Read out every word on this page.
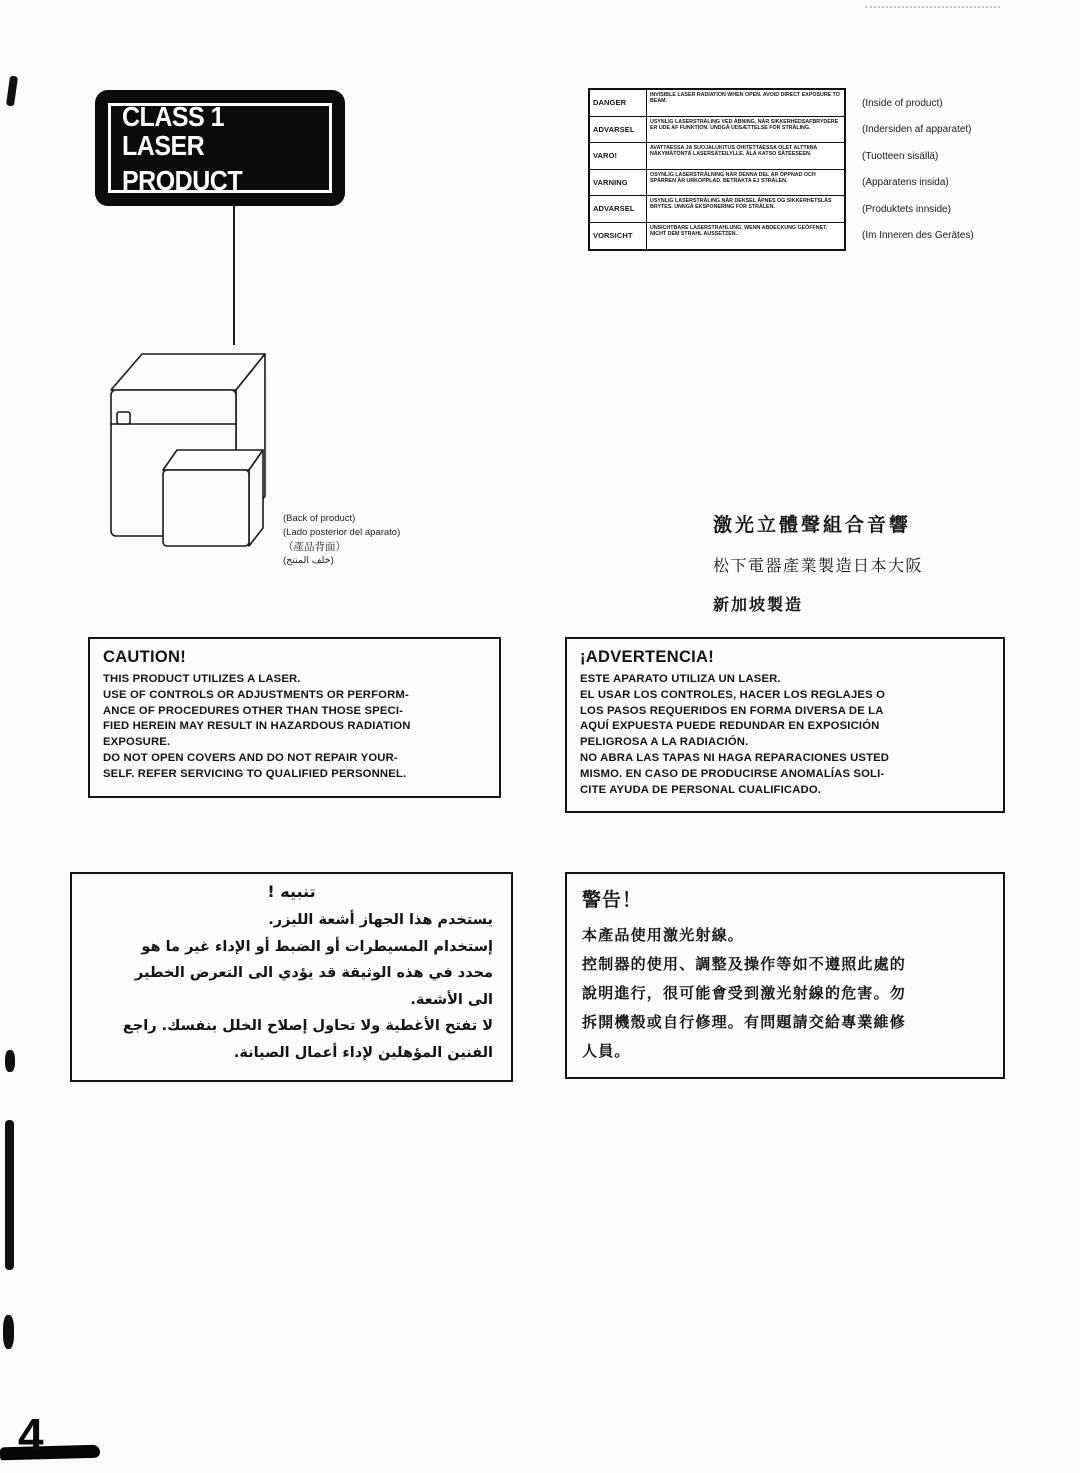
CLASS 1
LASER PRODUCT
(Back of product)
(Lado posterior del aparato)
（產品背面）
(خلف المنتج)
DANGER
INVISIBLE LASER RADIATION WHEN OPEN. AVOID DIRECT EXPOSURE TO BEAM.
ADVARSEL
USYNLIG LASERSTRÅLING VED ÅBNING, NÅR SIKKERHEDSAFBRYDERE ER UDE AF FUNKTION. UNDGÅ UDSÆTTELSE FOR STRÅLING.
VARO!
AVATTAESSA JA SUOJALUKITUS OHITETTAESSA OLET ALTTIINA NÄKYMÄTÖNTÄ LASERSÄTEILYLLE. ÄLÄ KATSO SÄTEESEEN.
VARNING
OSYNLIG LASERSTRÅLNING NÄR DENNA DEL ÄR ÖPPNAD OCH SPÄRREN ÄR URKOPPLAD. BETRAKTA EJ STRÅLEN.
ADVARSEL
USYNLIG LASERSTRÅLING NÅR DEKSEL ÅPNES OG SIKKERHETSLÅS BRYTES. UNNGÅ EKSPONERING FOR STRÅLEN.
VORSICHT
UNSICHTBARE LASERSTRAHLUNG, WENN ABDECKUNG GEÖFFNET. NICHT DEM STRAHL AUSSETZEN.
(Inside of product)
(Indersiden af apparatet)
(Tuotteen sisällä)
(Apparatens insida)
(Produktets innside)
(Im Inneren des Gerätes)
激光立體聲組合音響
松下電器產業製造日本大阪
新加坡製造
CAUTION!
THIS PRODUCT UTILIZES A LASER.
USE OF CONTROLS OR ADJUSTMENTS OR PERFORM-
ANCE OF PROCEDURES OTHER THAN THOSE SPECI-
FIED HEREIN MAY RESULT IN HAZARDOUS RADIATION
EXPOSURE.
DO NOT OPEN COVERS AND DO NOT REPAIR YOUR-
SELF. REFER SERVICING TO QUALIFIED PERSONNEL.
¡ADVERTENCIA!
ESTE APARATO UTILIZA UN LASER.
EL USAR LOS CONTROLES, HACER LOS REGLAJES O
LOS PASOS REQUERIDOS EN FORMA DIVERSA DE LA
AQUÍ EXPUESTA PUEDE REDUNDAR EN EXPOSICIÓN
PELIGROSA A LA RADIACIÓN.
NO ABRA LAS TAPAS NI HAGA REPARACIONES USTED
MISMO. EN CASO DE PRODUCIRSE ANOMALÍAS SOLI-
CITE AYUDA DE PERSONAL CUALIFICADO.
تنبيه !
يستخدم هذا الجهاز أشعة الليزر.
إستخدام المسيطرات أو الضبط أو الإداء غير ما هو
محدد في هذه الوثيقة قد يؤدي الى التعرض الخطير
الى الأشعة.
لا تفتح الأغطية ولا تحاول إصلاح الخلل بنفسك. راجع
الفنين المؤهلين لإداء أعمال الصيانة.
警告！
本產品使用激光射線。
控制器的使用、調整及操作等如不遵照此處的
說明進行，很可能會受到激光射線的危害。勿
拆開機殼或自行修理。有問題請交給專業維修
人員。
4
